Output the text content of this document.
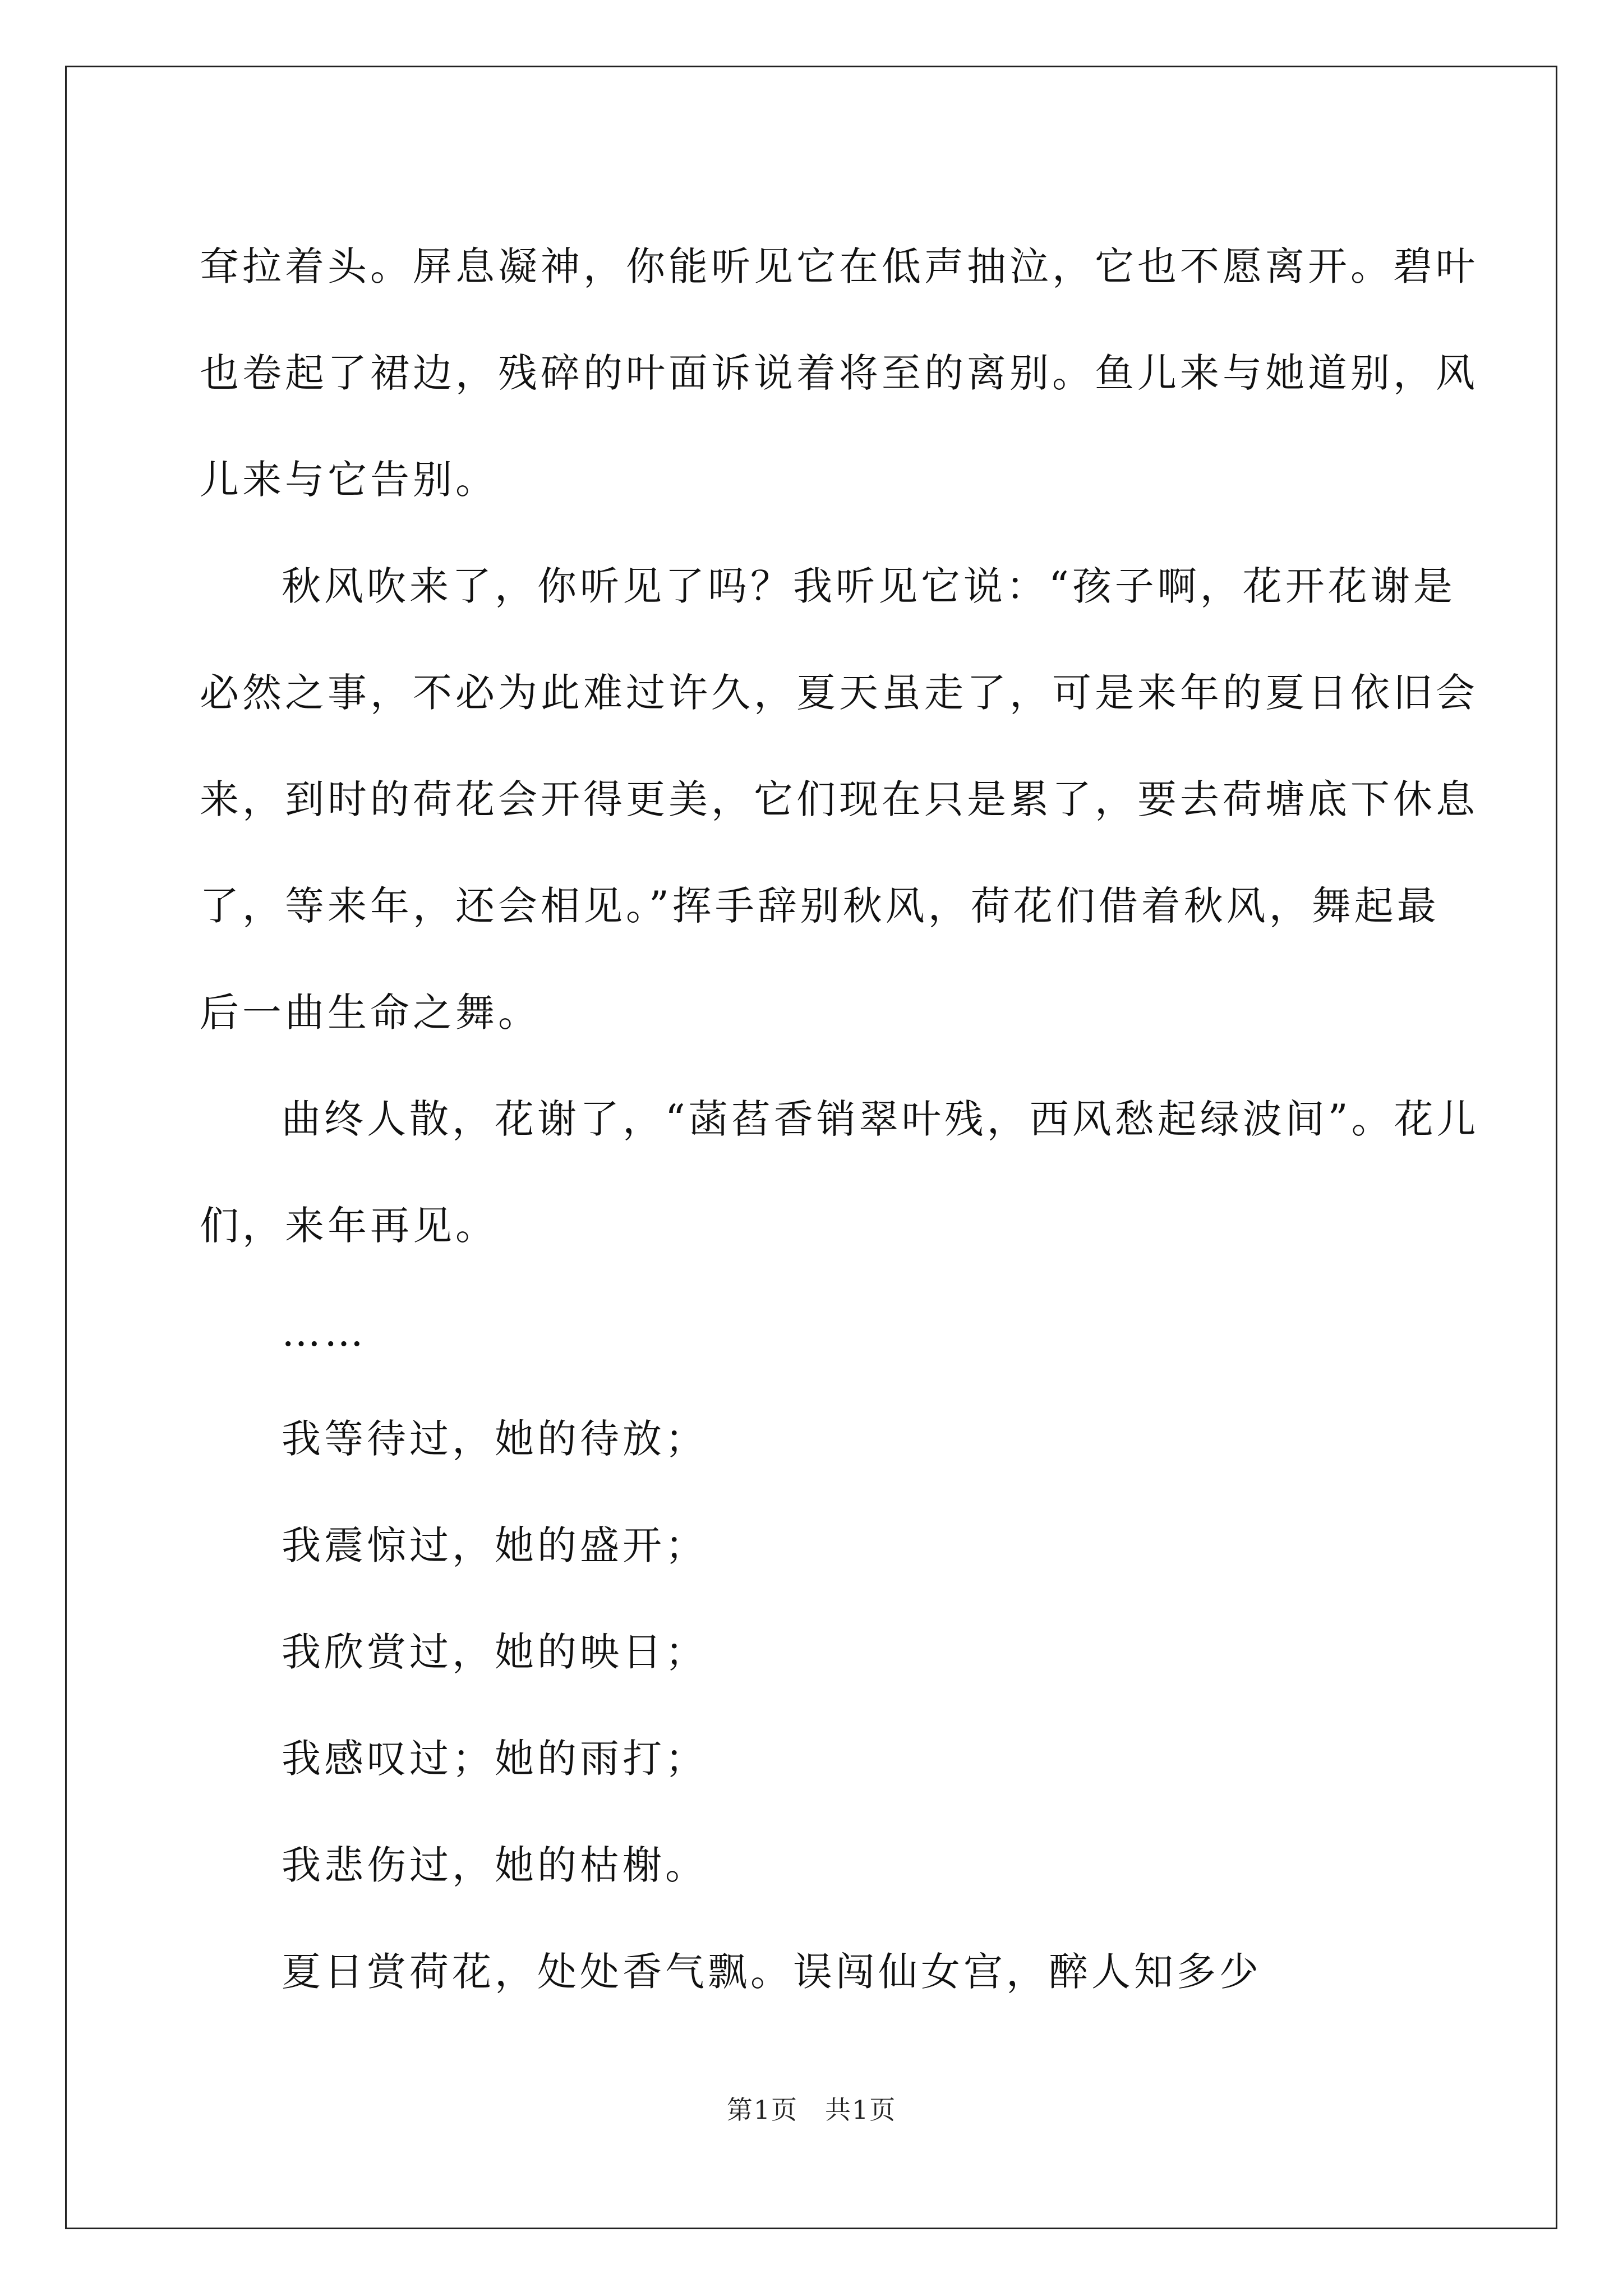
耷拉着头。屏息凝神，你能听见它在低声抽泣，它也不愿离开。碧叶
也卷起了裙边，残碎的叶面诉说着将至的离别。鱼儿来与她道别，风
儿来与它告别。
秋风吹来了，你听见了吗？我听见它说：“孩子啊，花开花谢是
必然之事，不必为此难过许久，夏天虽走了，可是来年的夏日依旧会
来，到时的荷花会开得更美，它们现在只是累了，要去荷塘底下休息
了，等来年，还会相见。”挥手辞别秋风，荷花们借着秋风，舞起最
后一曲生命之舞。
曲终人散，花谢了，“菡萏香销翠叶残，西风愁起绿波间”。花儿
们，来年再见。
……
我等待过，她的待放；
我震惊过，她的盛开；
我欣赏过，她的映日；
我感叹过；她的雨打；
我悲伤过，她的枯榭。
夏日赏荷花，处处香气飘。误闯仙女宫，醉人知多少
第1页　共1页
